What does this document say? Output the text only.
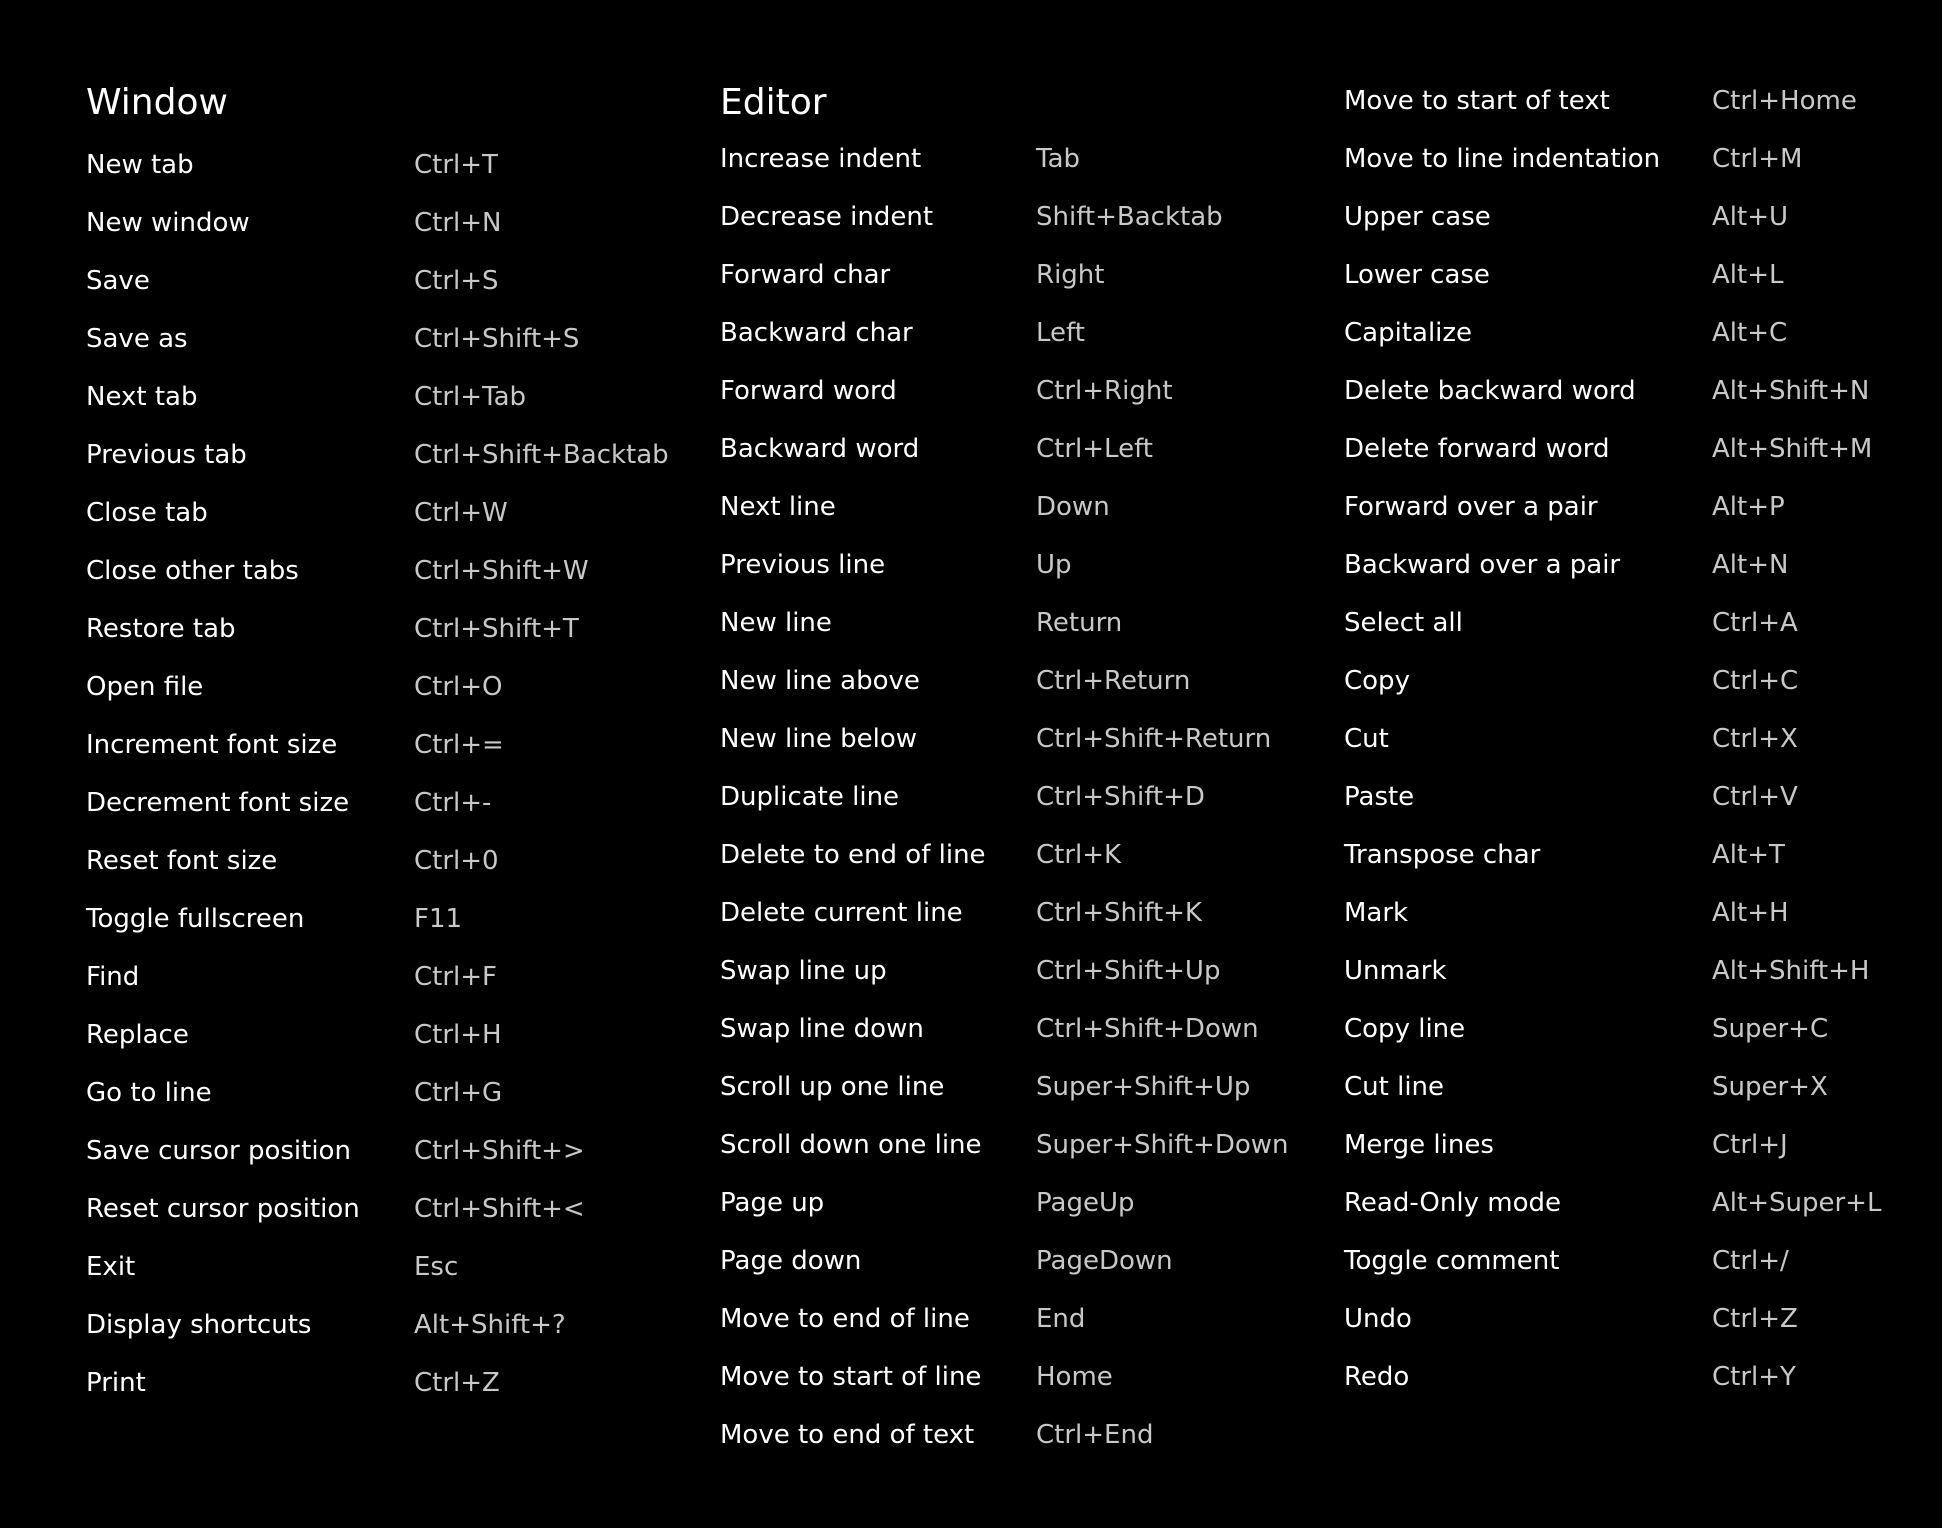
Window
New tab	Ctrl+T
New window	Ctrl+N
Save	Ctrl+S
Save as	Ctrl+Shift+S
Next tab	Ctrl+Tab
Previous tab	Ctrl+Shift+Backtab
Close tab	Ctrl+W
Close other tabs	Ctrl+Shift+W
Restore tab	Ctrl+Shift+T
Open file	Ctrl+O
Increment font size	Ctrl+=
Decrement font size Ctrl+-
Reset font size	Ctrl+0
Toggle fullscreen	F11
Find	Ctrl+F
Replace	Ctrl+H
Go to line	Ctrl+G
Save cursor position Ctrl+Shift+>
Reset cursor position Ctrl+Shift+<
Exit	Esc
Display shortcuts	Alt+Shift+?
Print	Ctrl+Z
Editor
Increase indent	Tab
Decrease indent	Shift+Backtab
Forward char	Right
Backward char	Left
Forward word	Ctrl+Right
Backward word	Ctrl+Left
Next line	Down
Previous line	Up
New line	Return
New line above	Ctrl+Return
New line below	Ctrl+Shift+Return
Duplicate line	Ctrl+Shift+D
Delete to end of line Ctrl+K
Delete current line	Ctrl+Shift+K
Swap line up	Ctrl+Shift+Up
Swap line down	Ctrl+Shift+Down
Scroll up one line	Super+Shift+Up
Scroll down one line Super+Shift+Down
Page up	PageUp
Page down	PageDown
Move to end of line	End
Move to start of line Home
Move to end of text Ctrl+End
Move to start of text	Ctrl+Home
Move to line indentation Ctrl+M
Upper case	Alt+U
Lower case	Alt+L
Capitalize	Alt+C
Delete backward word	Alt+Shift+N
Delete forward word	Alt+Shift+M
Forward over a pair	Alt+P
Backward over a pair	Alt+N
Select all	Ctrl+A
Copy	Ctrl+C
Cut	Ctrl+X
Paste	Ctrl+V
Transpose char	Alt+T
Mark	Alt+H
Unmark	Alt+Shift+H
Copy line	Super+C
Cut line	Super+X
Merge lines	Ctrl+J
Read-Only mode	Alt+Super+L
Toggle comment	Ctrl+/
Undo	Ctrl+Z
Redo	Ctrl+Y
